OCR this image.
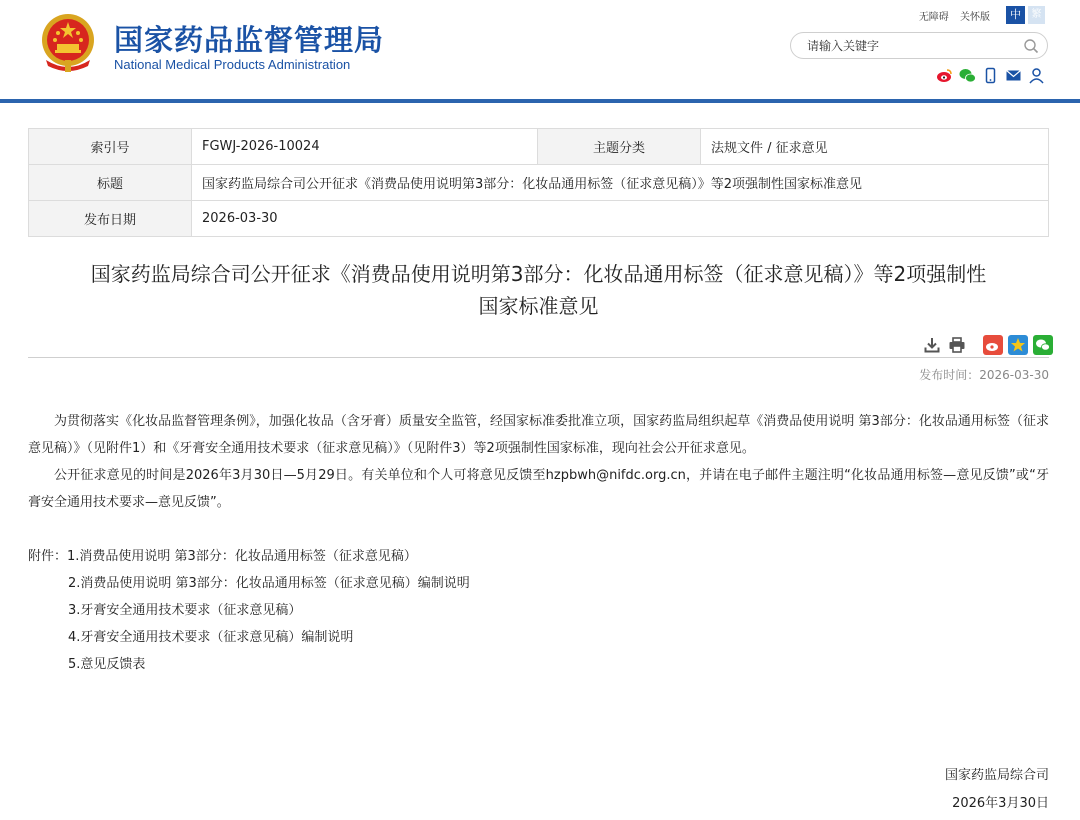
国家药品监督管理局
National Medical Products Administration
无障碍 关怀版	中	繁
请输入关键字
索引号	FGWJ-2026-10024	主题分类	法规文件 / 征求意见
标题	国家药监局综合司公开征求《消费品使用说明第3部分：化妆品通用标签（征求意见稿）》等2项强制性国家标准意见		
发布日期	2026-03-30		
国家药监局综合司公开征求《消费品使用说明第3部分：化妆品通用标签（征求意见稿）》等2项强制性
国家标准意见
发布时间：2026-03-30

为贯彻落实《化妆品监督管理条例》，加强化妆品（含牙膏）质量安全监管，经国家标准委批准立项，国家药监局组织起草《消费品使用说明 第3部分：化妆品通用标签（征求意见稿）》（见附件1）和《牙膏安全通用技术要求（征求意见稿）》（见附件3）等2项强制性国家标准，现向社会公开征求意见。

公开征求意见的时间是2026年3月30日—5月29日。有关单位和个人可将意见反馈至hzpbwh@nifdc.org.cn，并请在电子邮件主题注明“化妆品通用标签—意见反馈”或“牙膏安全通用技术要求—意见反馈”。

附件：1.消费品使用说明 第3部分：化妆品通用标签（征求意见稿）
2.消费品使用说明 第3部分：化妆品通用标签（征求意见稿）编制说明
3.牙膏安全通用技术要求（征求意见稿）
4.牙膏安全通用技术要求（征求意见稿）编制说明
5.意见反馈表
国家药监局综合司
2026年3月30日
